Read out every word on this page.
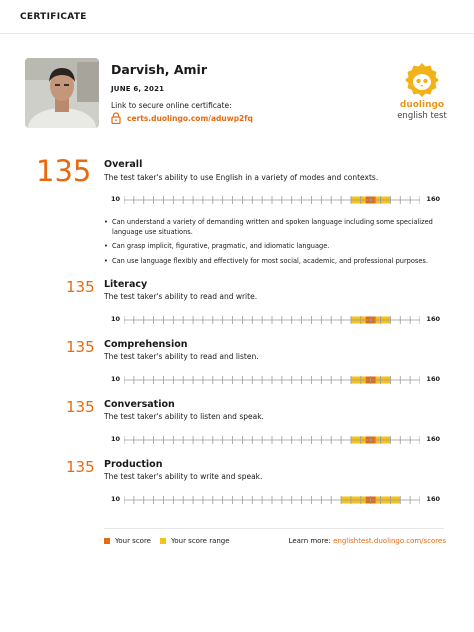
CERTIFICATE
Darvish, Amir
JUNE 6, 2021
Link to secure online certificate:
certs.duolingo.com/aduwp2fq
duolingo
english test
135 Overall
The test taker's ability to use English in a variety of modes and contexts.
10	160
• Can understand a variety of demanding written and spoken language including some specialized language use situations.
• Can grasp implicit, figurative, pragmatic, and idiomatic language.
• Can use language flexibly and effectively for most social, academic, and professional purposes.
135 Literacy
The test taker's ability to read and write.
10	160
135 Comprehension
The test taker's ability to read and listen.
10	160
135 Conversation
The test taker's ability to listen and speak.
10	160
135 Production
The test taker's ability to write and speak.
10	160
Your score	Your score range	Learn more: englishtest.duolingo.com/scores
